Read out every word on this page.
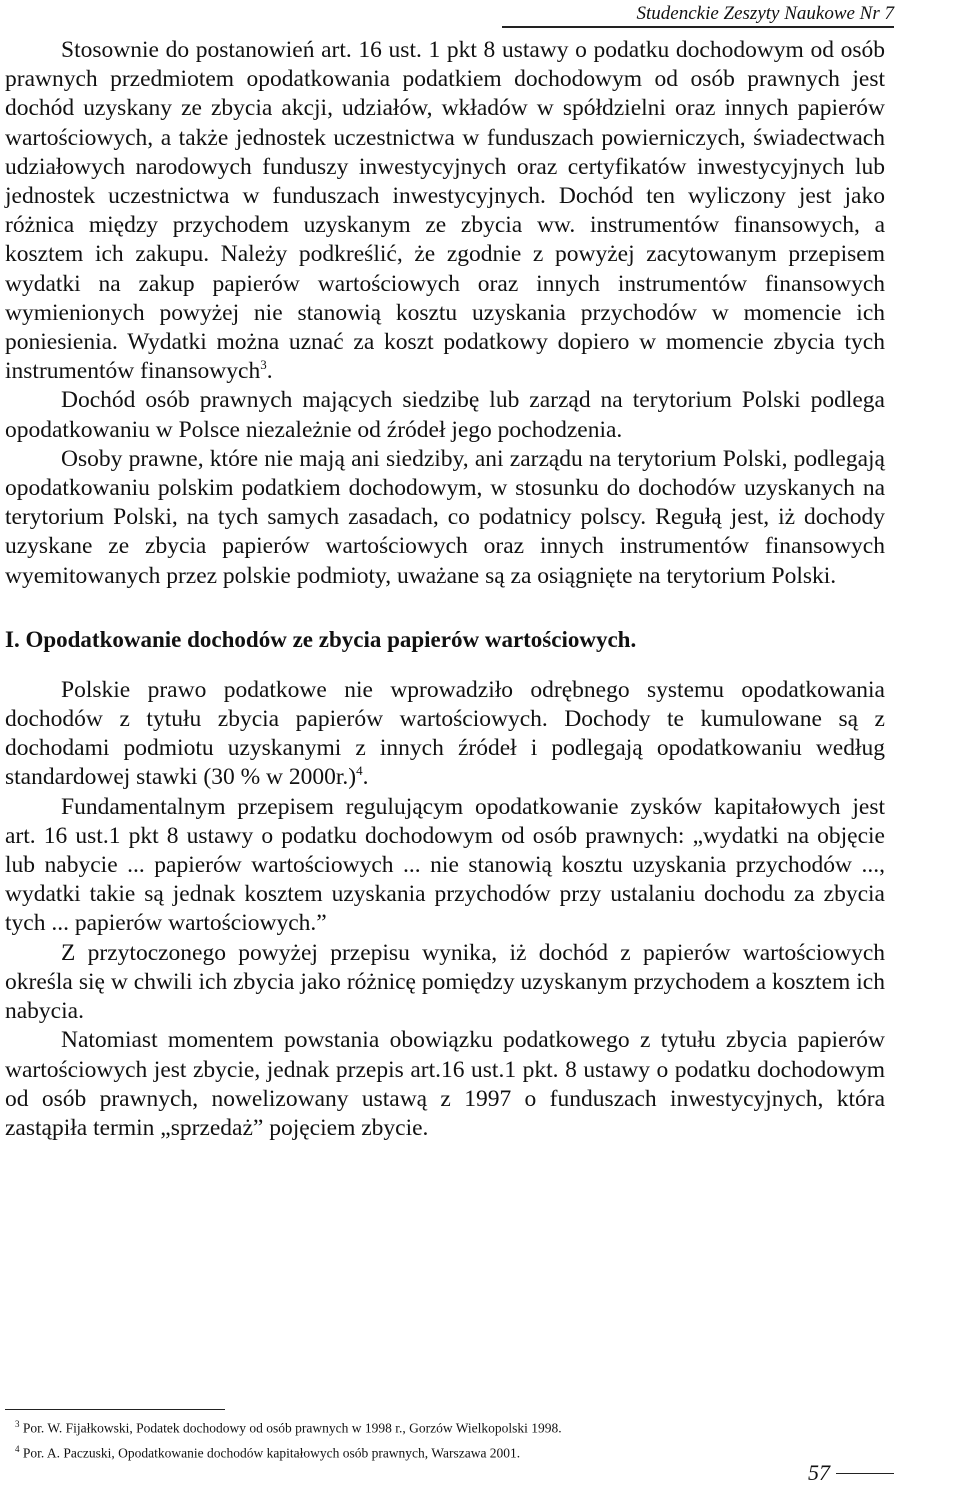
Studenckie Zeszyty Naukowe Nr 7

Stosownie do postanowień art. 16 ust. 1 pkt 8 ustawy o podatku dochodowym od osób prawnych przedmiotem opodatkowania podatkiem dochodowym od osób prawnych jest dochód uzyskany ze zbycia akcji, udziałów, wkładów w spółdzielni oraz innych papierów wartościowych, a także jednostek uczestnictwa w funduszach powierniczych, świadectwach udziałowych narodowych funduszy inwestycyjnych oraz certyfikatów inwestycyjnych lub jednostek uczestnictwa w funduszach inwestycyjnych. Dochód ten wyliczony jest jako różnica między przychodem uzyskanym ze zbycia ww. instrumentów finansowych, a kosztem ich zakupu. Należy podkreślić, że zgodnie z powyżej zacytowanym przepisem wydatki na zakup papierów wartościowych oraz innych instrumentów finansowych wymienionych powyżej nie stanowią kosztu uzyskania przychodów w momencie ich poniesienia. Wydatki można uznać za koszt podatkowy dopiero w momencie zbycia tych instrumentów finansowych$^3$.

Dochód osób prawnych mających siedzibę lub zarząd na terytorium Polski podlega opodatkowaniu w Polsce niezależnie od źródeł jego pochodzenia.

Osoby prawne, które nie mają ani siedziby, ani zarządu na terytorium Polski, podlegają opodatkowaniu polskim podatkiem dochodowym, w stosunku do dochodów uzyskanych na terytorium Polski, na tych samych zasadach, co podatnicy polscy. Regułą jest, iż dochody uzyskane ze zbycia papierów wartościowych oraz innych instrumentów finansowych wyemitowanych przez polskie podmioty, uważane są za osiągnięte na terytorium Polski.

I. Opodatkowanie dochodów ze zbycia papierów wartościowych.

Polskie prawo podatkowe nie wprowadziło odrębnego systemu opodatkowania dochodów z tytułu zbycia papierów wartościowych. Dochody te kumulowane są z dochodami podmiotu uzyskanymi z innych źródeł i podlegają opodatkowaniu według standardowej stawki (30 % w 2000r.)$^4$.

Fundamentalnym przepisem regulującym opodatkowanie zysków kapitałowych jest art. 16 ust.1 pkt 8 ustawy o podatku dochodowym od osób prawnych: „wydatki na objęcie lub nabycie ... papierów wartościowych ... nie stanowią kosztu uzyskania przychodów ..., wydatki takie są jednak kosztem uzyskania przychodów przy ustalaniu dochodu za zbycia tych ... papierów wartościowych.”

Z przytoczonego powyżej przepisu wynika, iż dochód z papierów wartościowych określa się w chwili ich zbycia jako różnicę pomiędzy uzyskanym przychodem a kosztem ich nabycia.

Natomiast momentem powstania obowiązku podatkowego z tytułu zbycia papierów wartościowych jest zbycie, jednak przepis art.16 ust.1 pkt. 8 ustawy o podatku dochodowym od osób prawnych, nowelizowany ustawą z 1997 o funduszach inwestycyjnych, która zastąpiła termin „sprzedaż” pojęciem zbycie.

$^3$ Por. W. Fijałkowski, Podatek dochodowy od osób prawnych w 1998 r., Gorzów Wielkopolski 1998.

$^4$ Por. A. Paczuski, Opodatkowanie dochodów kapitałowych osób prawnych, Warszawa 2001.

57
